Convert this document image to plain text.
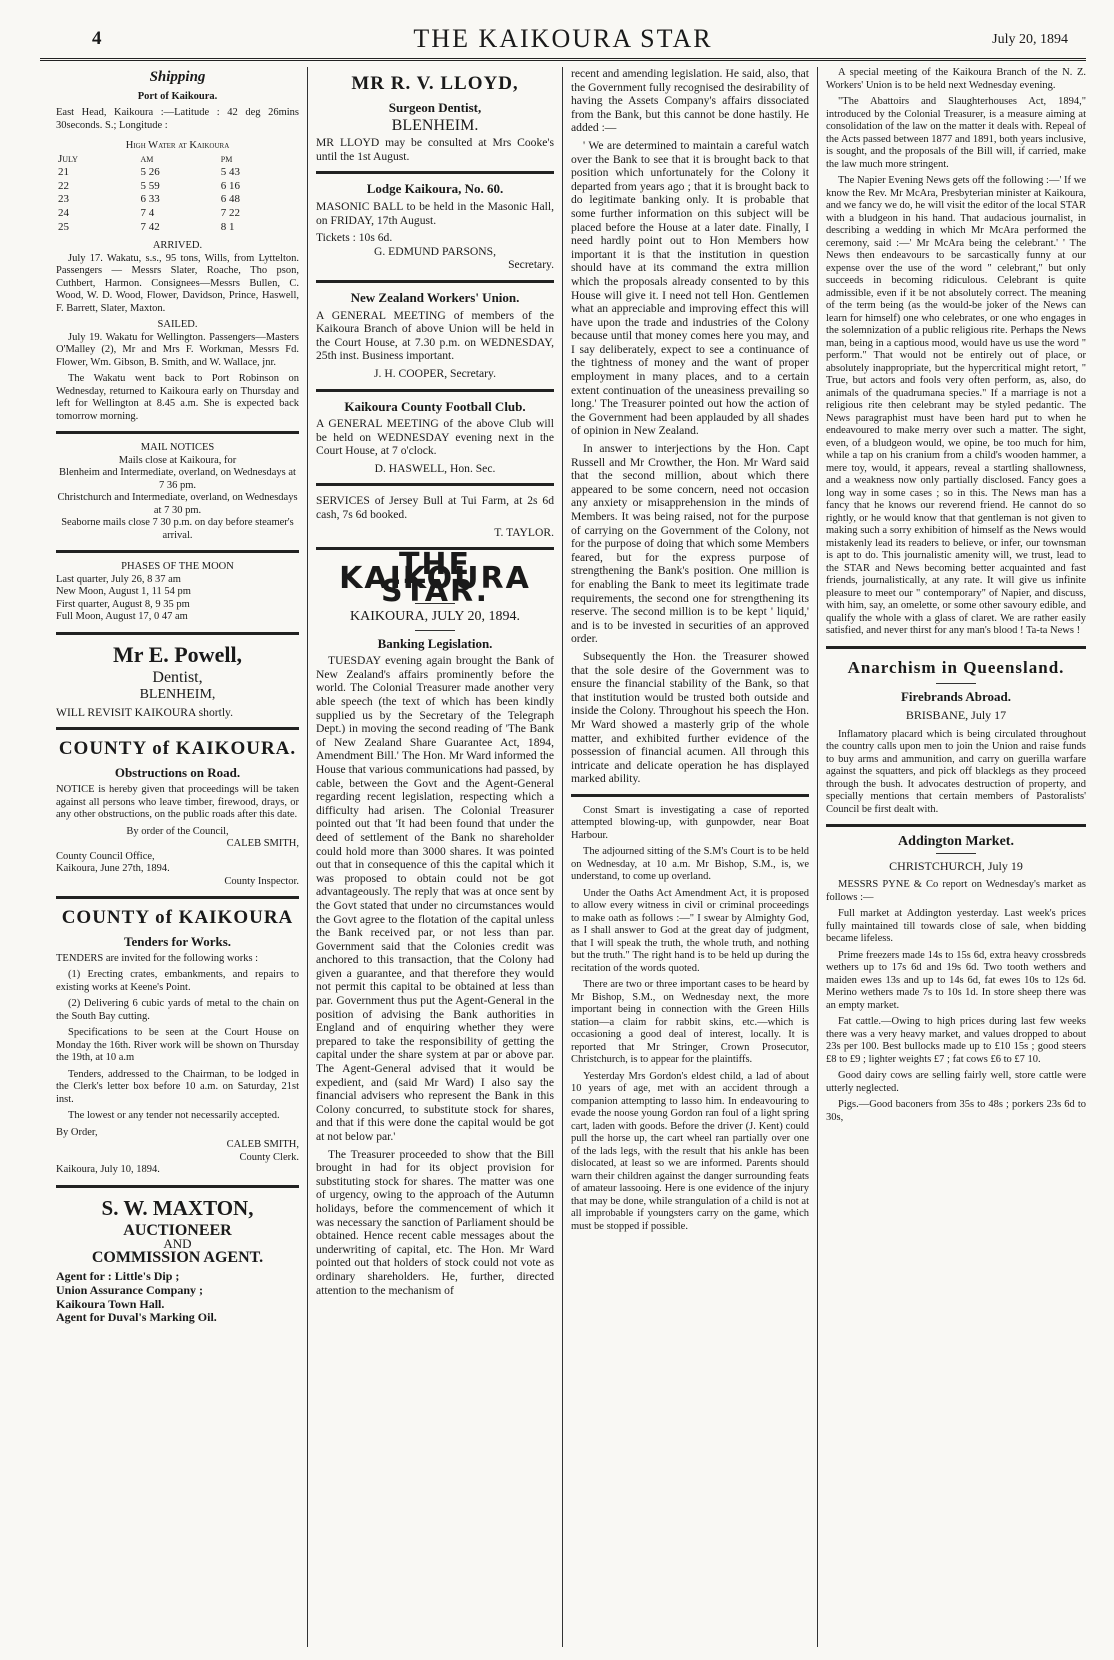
4	THE KAIKOURA STAR	July 20, 1894
Shipping
Port of Kaikoura.

East Head, Kaikoura :—Latitude : 42 deg 26mins 30seconds. S.; Longitude :

High Water at Kaikoura
July	am	pm
21	5 26	5 43
22	5 59	6 16
23	6 33	6 48
24	7 4	7 22
25	7 42	8 1
ARRIVED.

July 17. Wakatu, s.s., 95 tons, Wills, from Lyttelton. Passengers — Messrs Slater, Roache, Tho pson, Cuthbert, Harmon. Consignees—Messrs Bullen, C. Wood, W. D. Wood, Flower, Davidson, Prince, Haswell, F. Barrett, Slater, Maxton.

SAILED.

July 19. Wakatu for Wellington. Passengers—Masters O'Malley (2), Mr and Mrs F. Workman, Messrs Fd. Flower, Wm. Gibson, B. Smith, and W. Wallace, jnr.

The Wakatu went back to Port Robinson on Wednesday, returned to Kaikoura early on Thursday and left for Wellington at 8.45 a.m. She is expected back tomorrow morning.

MAIL NOTICES
Mails close at Kaikoura, for
Blenheim and Intermediate, overland, on Wednesdays at 7 36 pm.
Christchurch and Intermediate, overland, on Wednesdays at 7 30 pm.
Seaborne mails close 7 30 p.m. on day before steamer's arrival.
PHASES OF THE MOON
Last quarter, July 26, 8 37 am
New Moon, August 1, 11 54 pm
First quarter, August 8, 9 35 pm
Full Moon, August 17, 0 47 am
Mr E. Powell,
Dentist,
BLENHEIM,

WILL REVISIT KAIKOURA shortly.

COUNTY of KAIKOURA.
Obstructions on Road.

NOTICE is hereby given that proceedings will be taken against all persons who leave timber, firewood, drays, or any other obstructions, on the public roads after this date.

By order of the Council,
CALEB SMITH,
County Council Office,
Kaikoura, June 27th, 1894.
County Inspector.
COUNTY of KAIKOURA
Tenders for Works.

TENDERS are invited for the following works :

(1) Erecting crates, embankments, and repairs to existing works at Keene's Point.

(2) Delivering 6 cubic yards of metal to the chain on the South Bay cutting.

Specifications to be seen at the Court House on Monday the 16th. River work will be shown on Thursday the 19th, at 10 a.m

Tenders, addressed to the Chairman, to be lodged in the Clerk's letter box before 10 a.m. on Saturday, 21st inst.

The lowest or any tender not necessarily accepted.

By Order,
CALEB SMITH,
County Clerk.
Kaikoura, July 10, 1894.
S. W. MAXTON,
AUCTIONEER
AND
COMMISSION AGENT.
Agent for : Little's Dip ;
Union Assurance Company ;
Kaikoura Town Hall.
Agent for Duval's Marking Oil.
MR R. V. LLOYD,
Surgeon Dentist,
BLENHEIM.

MR LLOYD may be consulted at Mrs Cooke's until the 1st August.

Lodge Kaikoura, No. 60.

MASONIC BALL to be held in the Masonic Hall, on FRIDAY, 17th August.

Tickets : 10s 6d.
G. EDMUND PARSONS,
Secretary.
New Zealand Workers' Union.

A GENERAL MEETING of members of the Kaikoura Branch of above Union will be held in the Court House, at 7.30 p.m. on WEDNESDAY, 25th inst. Business important.

J. H. COOPER, Secretary.
Kaikoura County Football Club.

A GENERAL MEETING of the above Club will be held on WEDNESDAY evening next in the Court House, at 7 o'clock.

D. HASWELL, Hon. Sec.

SERVICES of Jersey Bull at Tui Farm, at 2s 6d cash, 7s 6d booked.

T. TAYLOR.
THE KAIKOURA STAR.
KAIKOURA, JULY 20, 1894.
Banking Legislation.

TUESDAY evening again brought the Bank of New Zealand's affairs prominently before the world. The Colonial Treasurer made another very able speech (the text of which has been kindly supplied us by the Secretary of the Telegraph Dept.) in moving the second reading of 'The Bank of New Zealand Share Guarantee Act, 1894, Amendment Bill.' The Hon. Mr Ward informed the House that various communications had passed, by cable, between the Govt and the Agent-General regarding recent legislation, respecting which a difficulty had arisen. The Colonial Treasurer pointed out that 'It had been found that under the deed of settlement of the Bank no shareholder could hold more than 3000 shares. It was pointed out that in consequence of this the capital which it was proposed to obtain could not be got advantageously. The reply that was at once sent by the Govt stated that under no circumstances would the Govt agree to the flotation of the capital unless the Bank received par, or not less than par. Government said that the Colonies credit was anchored to this transaction, that the Colony had given a guarantee, and that therefore they would not permit this capital to be obtained at less than par. Government thus put the Agent-General in the position of advising the Bank authorities in England and of enquiring whether they were prepared to take the responsibility of getting the capital under the share system at par or above par. The Agent-General advised that it would be expedient, and (said Mr Ward) I also say the financial advisers who represent the Bank in this Colony concurred, to substitute stock for shares, and that if this were done the capital would be got at not below par.'

The Treasurer proceeded to show that the Bill brought in had for its object provision for substituting stock for shares. The matter was one of urgency, owing to the approach of the Autumn holidays, before the commencement of which it was necessary the sanction of Parliament should be obtained. Hence recent cable messages about the underwriting of capital, etc. The Hon. Mr Ward pointed out that holders of stock could not vote as ordinary shareholders. He, further, directed attention to the mechanism of

recent and amending legislation. He said, also, that the Government fully recognised the desirability of having the Assets Company's affairs dissociated from the Bank, but this cannot be done hastily. He added :—

' We are determined to maintain a careful watch over the Bank to see that it is brought back to that position which unfortunately for the Colony it departed from years ago ; that it is brought back to do legitimate banking only. It is probable that some further information on this subject will be placed before the House at a later date. Finally, I need hardly point out to Hon Members how important it is that the institution in question should have at its command the extra million which the proposals already consented to by this House will give it. I need not tell Hon. Gentlemen what an appreciable and improving effect this will have upon the trade and industries of the Colony because until that money comes here you may, and I say deliberately, expect to see a continuance of the tightness of money and the want of proper employment in many places, and to a certain extent continuation of the uneasiness prevailing so long.' The Treasurer pointed out how the action of the Government had been applauded by all shades of opinion in New Zealand.

In answer to interjections by the Hon. Capt Russell and Mr Crowther, the Hon. Mr Ward said that the second million, about which there appeared to be some concern, need not occasion any anxiety or misapprehension in the minds of Members. It was being raised, not for the purpose of carrying on the Government of the Colony, not for the purpose of doing that which some Members feared, but for the express purpose of strengthening the Bank's position. One million is for enabling the Bank to meet its legitimate trade requirements, the second one for strengthening its reserve. The second million is to be kept ' liquid,' and is to be invested in securities of an approved order.

Subsequently the Hon. the Treasurer showed that the sole desire of the Government was to ensure the financial stability of the Bank, so that that institution would be trusted both outside and inside the Colony. Throughout his speech the Hon. Mr Ward showed a masterly grip of the whole matter, and exhibited further evidence of the possession of financial acumen. All through this intricate and delicate operation he has displayed marked ability.

Const Smart is investigating a case of reported attempted blowing-up, with gunpowder, near Boat Harbour.

The adjourned sitting of the S.M's Court is to be held on Wednesday, at 10 a.m. Mr Bishop, S.M., is, we understand, to come up overland.

Under the Oaths Act Amendment Act, it is proposed to allow every witness in civil or criminal proceedings to make oath as follows :—" I swear by Almighty God, as I shall answer to God at the great day of judgment, that I will speak the truth, the whole truth, and nothing but the truth." The right hand is to be held up during the recitation of the words quoted.

There are two or three important cases to be heard by Mr Bishop, S.M., on Wednesday next, the more important being in connection with the Green Hills station—a claim for rabbit skins, etc.—which is occasioning a good deal of interest, locally. It is reported that Mr Stringer, Crown Prosecutor, Christchurch, is to appear for the plaintiffs.

Yesterday Mrs Gordon's eldest child, a lad of about 10 years of age, met with an accident through a companion attempting to lasso him. In endeavouring to evade the noose young Gordon ran foul of a light spring cart, laden with goods. Before the driver (J. Kent) could pull the horse up, the cart wheel ran partially over one of the lads legs, with the result that his ankle has been dislocated, at least so we are informed. Parents should warn their children against the danger surrounding feats of amateur lassooing. Here is one evidence of the injury that may be done, while strangulation of a child is not at all improbable if youngsters carry on the game, which must be stopped if possible.

A special meeting of the Kaikoura Branch of the N. Z. Workers' Union is to be held next Wednesday evening.

"The Abattoirs and Slaughterhouses Act, 1894," introduced by the Colonial Treasurer, is a measure aiming at consolidation of the law on the matter it deals with. Repeal of the Acts passed between 1877 and 1891, both years inclusive, is sought, and the proposals of the Bill will, if carried, make the law much more stringent.

The Napier Evening News gets off the following :—' If we know the Rev. Mr McAra, Presbyterian minister at Kaikoura, and we fancy we do, he will visit the editor of the local STAR with a bludgeon in his hand. That audacious journalist, in describing a wedding in which Mr McAra performed the ceremony, said :—' Mr McAra being the celebrant.' ' The News then endeavours to be sarcastically funny at our expense over the use of the word " celebrant," but only succeeds in becoming ridiculous. Celebrant is quite admissible, even if it be not absolutely correct. The meaning of the term being (as the would-be joker of the News can learn for himself) one who celebrates, or one who engages in the solemnization of a public religious rite. Perhaps the News man, being in a captious mood, would have us use the word " perform." That would not be entirely out of place, or absolutely inappropriate, but the hypercritical might retort, " True, but actors and fools very often perform, as, also, do animals of the quadrumana species." If a marriage is not a religious rite then celebrant may be styled pedantic. The News paragraphist must have been hard put to when he endeavoured to make merry over such a matter. The sight, even, of a bludgeon would, we opine, be too much for him, while a tap on his cranium from a child's wooden hammer, a mere toy, would, it appears, reveal a startling shallowness, and a weakness now only partially disclosed. Fancy goes a long way in some cases ; so in this. The News man has a fancy that he knows our reverend friend. He cannot do so rightly, or he would know that that gentleman is not given to making such a sorry exhibition of himself as the News would mistakenly lead its readers to believe, or infer, our townsman is apt to do. This journalistic amenity will, we trust, lead to the STAR and News becoming better acquainted and fast friends, journalistically, at any rate. It will give us infinite pleasure to meet our " contemporary" of Napier, and discuss, with him, say, an omelette, or some other savoury edible, and qualify the whole with a glass of claret. We are rather easily satisfied, and never thirst for any man's blood ! Ta-ta News !

Anarchism in Queensland.
Firebrands Abroad.
BRISBANE, July 17

Inflamatory placard which is being circulated throughout the country calls upon men to join the Union and raise funds to buy arms and ammunition, and carry on guerilla warfare against the squatters, and pick off blacklegs as they proceed through the bush. It advocates destruction of property, and specially mentions that certain members of Pastoralists' Council be first dealt with.

Addington Market.
CHRISTCHURCH, July 19

MESSRS PYNE & Co report on Wednesday's market as follows :—

Full market at Addington yesterday. Last week's prices fully maintained till towards close of sale, when bidding became lifeless.

Prime freezers made 14s to 15s 6d, extra heavy crossbreds wethers up to 17s 6d and 19s 6d. Two tooth wethers and maiden ewes 13s and up to 14s 6d, fat ewes 10s to 12s 6d. Merino wethers made 7s to 10s 1d. In store sheep there was an empty market.

Fat cattle.—Owing to high prices during last few weeks there was a very heavy market, and values dropped to about 23s per 100. Best bullocks made up to £10 15s ; good steers £8 to £9 ; lighter weights £7 ; fat cows £6 to £7 10.

Good dairy cows are selling fairly well, store cattle were utterly neglected.

Pigs.—Good baconers from 35s to 48s ; porkers 23s 6d to 30s,
